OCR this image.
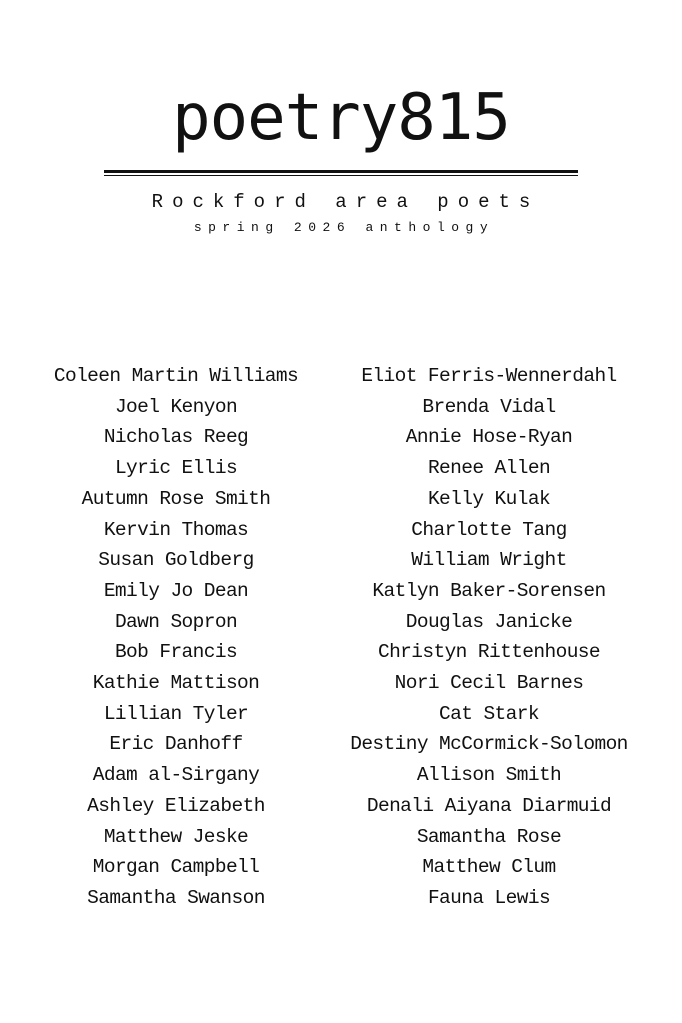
poetry815
Rockford area poets
spring 2026 anthology
Coleen Martin Williams
Joel Kenyon
Nicholas Reeg
Lyric Ellis
Autumn Rose Smith
Kervin Thomas
Susan Goldberg
Emily Jo Dean
Dawn Sopron
Bob Francis
Kathie Mattison
Lillian Tyler
Eric Danhoff
Adam al-Sirgany
Ashley Elizabeth
Matthew Jeske
Morgan Campbell
Samantha Swanson
Eliot Ferris-Wennerdahl
Brenda Vidal
Annie Hose-Ryan
Renee Allen
Kelly Kulak
Charlotte Tang
William Wright
Katlyn Baker-Sorensen
Douglas Janicke
Christyn Rittenhouse
Nori Cecil Barnes
Cat Stark
Destiny McCormick-Solomon
Allison Smith
Denali Aiyana Diarmuid
Samantha Rose
Matthew Clum
Fauna Lewis
